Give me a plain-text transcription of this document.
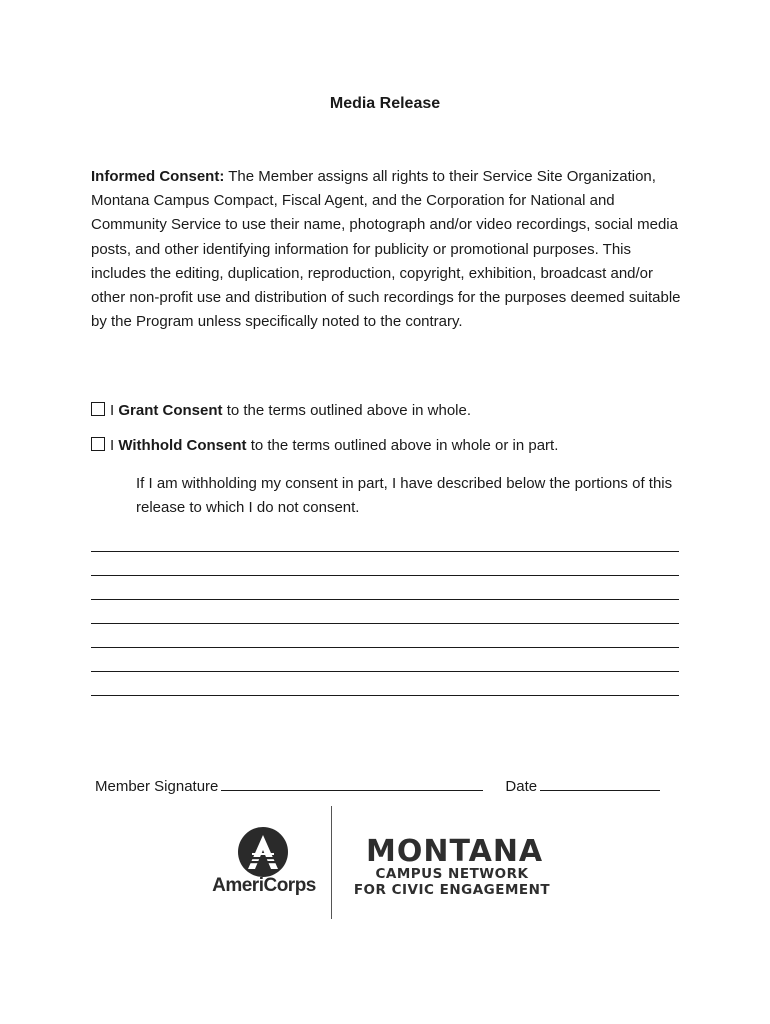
Media Release
Informed Consent: The Member assigns all rights to their Service Site Organization, Montana Campus Compact, Fiscal Agent, and the Corporation for National and Community Service to use their name, photograph and/or video recordings, social media posts, and other identifying information for publicity or promotional purposes. This includes the editing, duplication, reproduction, copyright, exhibition, broadcast and/or other non-profit use and distribution of such recordings for the purposes deemed suitable by the Program unless specifically noted to the contrary.
I Grant Consent to the terms outlined above in whole.
I Withhold Consent to the terms outlined above in whole or in part.
If I am withholding my consent in part, I have described below the portions of this release to which I do not consent.
Member Signature	Date
AmeriCorps
MONTANA
CAMPUS NETWORK
FOR CIVIC ENGAGEMENT
